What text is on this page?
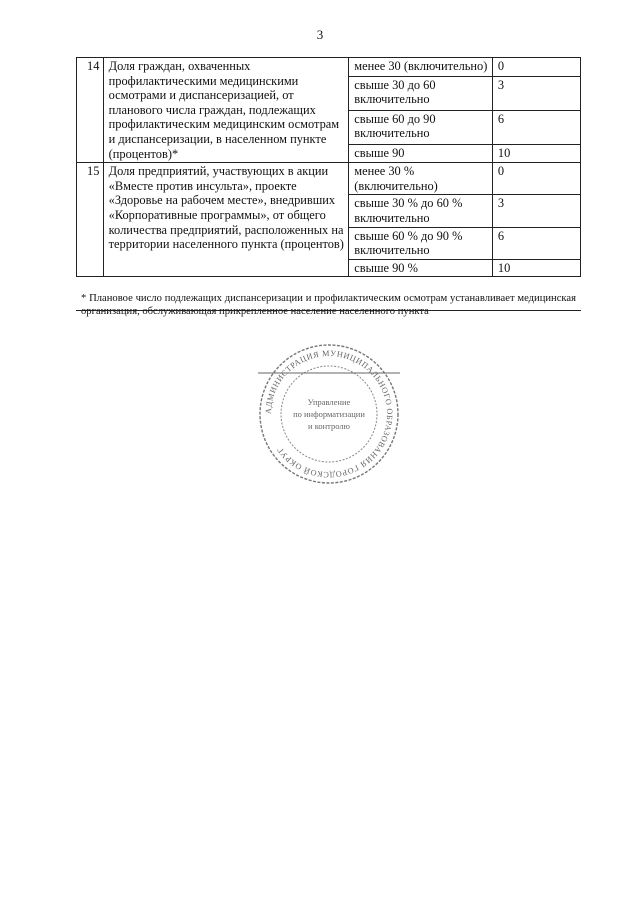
3
14	Доля граждан, охваченных профилактическими медицинскими осмотрами и диспансеризацией, от планового числа граждан, подлежащих профилактическим медицинским осмотрам и диспансеризации, в населенном пункте (процентов)*	менее 30 (включительно)	0
		свыше 30 до 60 включительно	3
		свыше 60 до 90 включительно	6
		свыше 90	10
15	Доля предприятий, участвующих в акции «Вместе против инсульта», проекте «Здоровье на рабочем месте», внедривших «Корпоративные программы», от общего количества предприятий, расположенных на территории населенного пункта (процентов)	менее 30 % (включительно)	0
		свыше 30 % до 60 % включительно	3
		свыше 60 % до 90 % включительно	6
		свыше 90 %	10
* Плановое число подлежащих диспансеризации и профилактическим осмотрам устанавливает медицинская организация, обслуживающая прикрепленное население населенного пункта
АДМИНИСТРАЦИЯ МУНИЦИПАЛЬНОГО ОБРАЗОВАНИЯ ГОРОДСКОЙ ОКРУГ
Управление
по информатизации
и контролю
